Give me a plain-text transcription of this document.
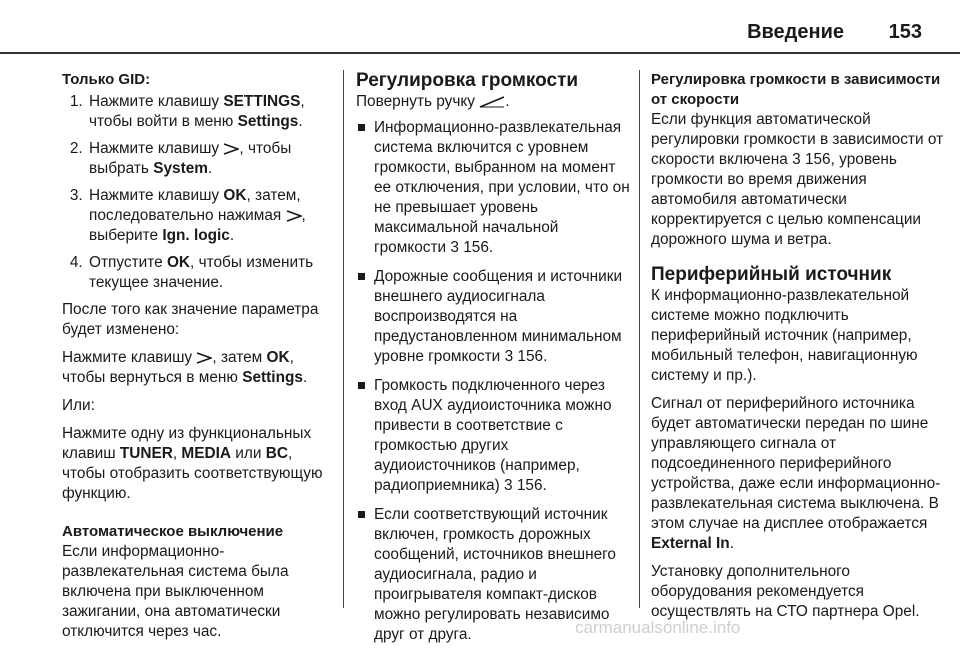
Введение 153

Только GID:

1. Нажмите клавишу SETTINGS, чтобы войти в меню Settings.
2. Нажмите клавишу , чтобы выбрать System.
3. Нажмите клавишу OK, затем, последовательно нажимая , выберите Ign. logic.
4. Отпустите OK, чтобы изменить текущее значение.

После того как значение параметра будет изменено:

Нажмите клавишу , затем OK, чтобы вернуться в меню Settings.

Или:

Нажмите одну из функциональных клавиш TUNER, MEDIA или BC, чтобы отобразить соответствующую функцию.

Автоматическое выключение

Если информационно-развлекательная система была включена при выключенном зажигании, она автоматически отключится через час.

Регулировка громкости

Повернуть ручку .

Информационно-развлекательная система включится с уровнем громкости, выбранном на момент ее отключения, при условии, что он не превышает уровень максимальной начальной громкости 3 156.
Дорожные сообщения и источники внешнего аудиосигнала воспроизводятся на предустановленном минимальном уровне громкости 3 156.
Громкость подключенного через вход AUX аудиоисточника можно привести в соответствие с громкостью других аудиоисточников (например, радиоприемника) 3 156.
Если соответствующий источник включен, громкость дорожных сообщений, источников внешнего аудиосигнала, радио и проигрывателя компакт-дисков можно регулировать независимо друг от друга.

Регулировка громкости в зависимости от скорости

Если функция автоматической регулировки громкости в зависимости от скорости включена 3 156, уровень громкости во время движения автомобиля автоматически корректируется с целью компенсации дорожного шума и ветра.

Периферийный источник

К информационно-развлекательной системе можно подключить периферийный источник (например, мобильный телефон, навигационную систему и пр.).

Сигнал от периферийного источника будет автоматически передан по шине управляющего сигнала от подсоединенного периферийного устройства, даже если информационно-развлекательная система выключена. В этом случае на дисплее отображается External In.

Установку дополнительного оборудования рекомендуется осуществлять на СТО партнера Opel.

carmanualsonline.info
